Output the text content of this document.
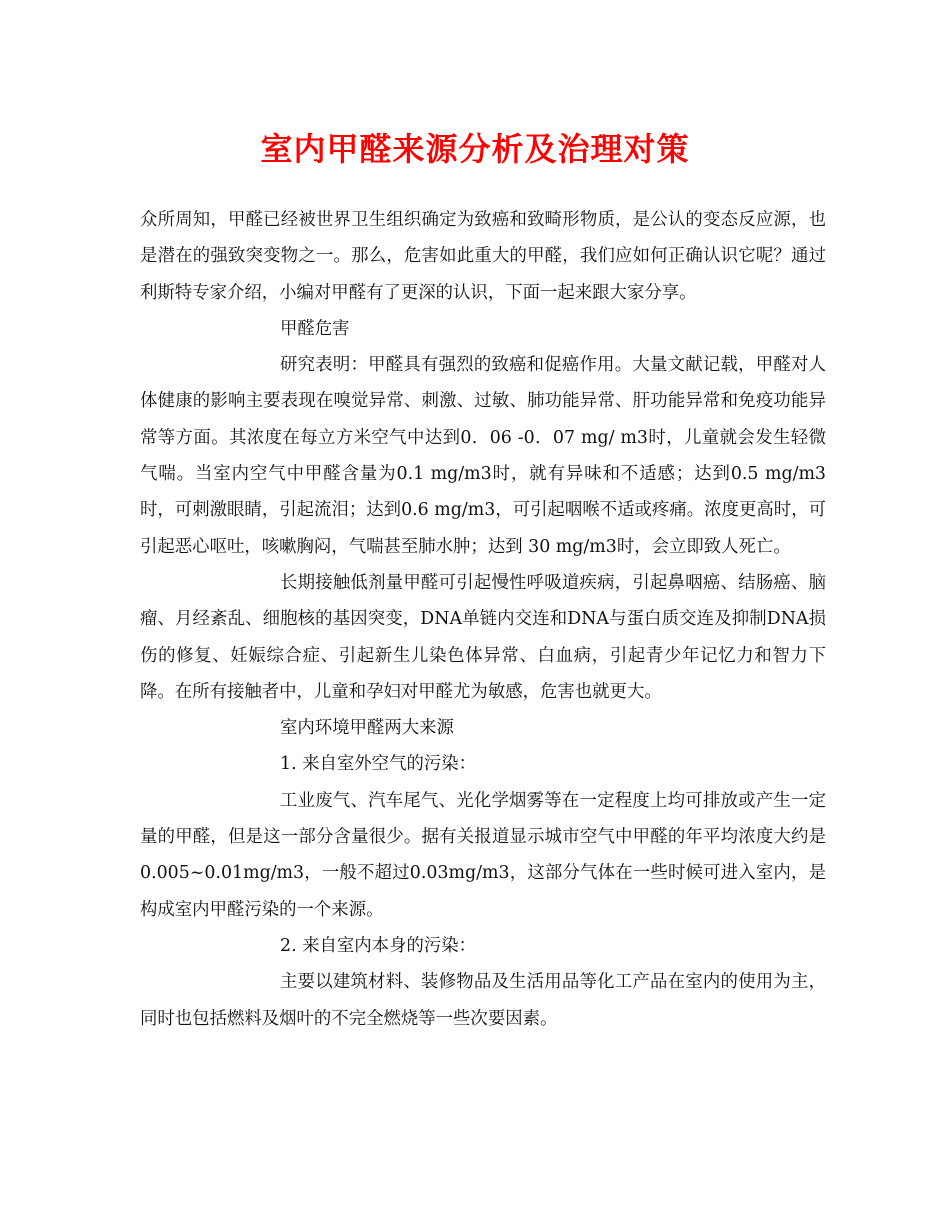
室内甲醛来源分析及治理对策

众所周知，甲醛已经被世界卫生组织确定为致癌和致畸形物质，是公认的变态反应源，也是潜在的强致突变物之一。那么，危害如此重大的甲醛，我们应如何正确认识它呢？通过利斯特专家介绍，小编对甲醛有了更深的认识，下面一起来跟大家分享。

甲醛危害

研究表明：甲醛具有强烈的致癌和促癌作用。大量文献记载，甲醛对人体健康的影响主要表现在嗅觉异常、刺激、过敏、肺功能异常、肝功能异常和免疫功能异常等方面。其浓度在每立方米空气中达到0．06 -0．07 mg/ m3时，儿童就会发生轻微气喘。当室内空气中甲醛含量为0.1 mg/m3时，就有异味和不适感；达到0.5 mg/m3时，可刺激眼睛，引起流泪；达到0.6 mg/m3，可引起咽喉不适或疼痛。浓度更高时，可引起恶心呕吐，咳嗽胸闷，气喘甚至肺水肿；达到 30 mg/m3时，会立即致人死亡。

长期接触低剂量甲醛可引起慢性呼吸道疾病，引起鼻咽癌、结肠癌、脑瘤、月经紊乱、细胞核的基因突变，DNA单链内交连和DNA与蛋白质交连及抑制DNA损伤的修复、妊娠综合症、引起新生儿染色体异常、白血病，引起青少年记忆力和智力下降。在所有接触者中，儿童和孕妇对甲醛尤为敏感，危害也就更大。

室内环境甲醛两大来源

1. 来自室外空气的污染：

工业废气、汽车尾气、光化学烟雾等在一定程度上均可排放或产生一定量的甲醛，但是这一部分含量很少。据有关报道显示城市空气中甲醛的年平均浓度大约是0.005~0.01mg/m3，一般不超过0.03mg/m3，这部分气体在一些时候可进入室内，是构成室内甲醛污染的一个来源。

2. 来自室内本身的污染：

主要以建筑材料、装修物品及生活用品等化工产品在室内的使用为主，同时也包括燃料及烟叶的不完全燃烧等一些次要因素。
